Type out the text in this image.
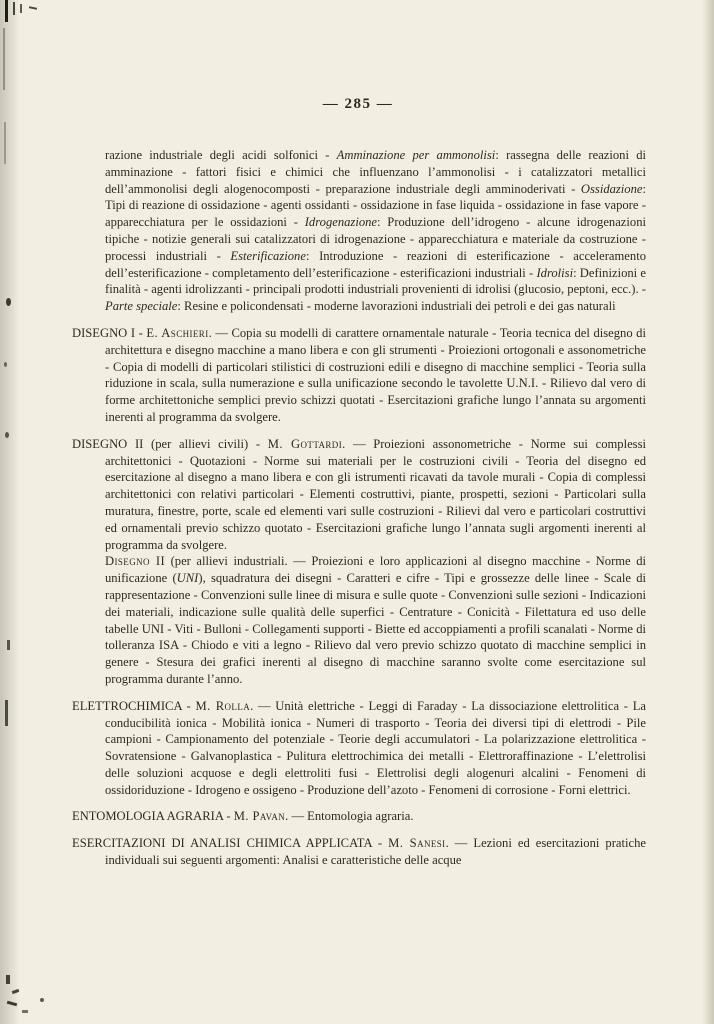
— 285 —

razione industriale degli acidi solfonici - Amminazione per ammonolisi: rassegna delle reazioni di amminazione - fattori fisici e chimici che influenzano l’ammonolisi - i catalizzatori metallici dell’ammonolisi degli alogenocomposti - preparazione industriale degli amminoderivati - Ossidazione: Tipi di reazione di ossidazione - agenti ossidanti - ossidazione in fase liquida - ossidazione in fase vapore - apparecchiatura per le ossidazioni - Idrogenazione: Produzione dell’idrogeno - alcune idrogenazioni tipiche - notizie generali sui catalizzatori di idrogenazione - apparecchiatura e materiale da costruzione - processi industriali - Esterificazione: Introduzione - reazioni di esterificazione - acceleramento dell’esterificazione - completamento dell’esterificazione - esterificazioni industriali - Idrolisi: Definizioni e finalità - agenti idrolizzanti - principali prodotti industriali provenienti di idrolisi (glucosio, peptoni, ecc.). - Parte speciale: Resine e policondensati - moderne lavorazioni industriali dei petroli e dei gas naturali

DISEGNO I - E. Aschieri. — Copia su modelli di carattere ornamentale naturale - Teoria tecnica del disegno di architettura e disegno macchine a mano libera e con gli strumenti - Proiezioni ortogonali e assonometriche - Copia di modelli di particolari stilistici di costruzioni edili e disegno di macchine semplici - Teoria sulla riduzione in scala, sulla numerazione e sulla unificazione secondo le tavolette U.N.I. - Rilievo dal vero di forme architettoniche semplici previo schizzi quotati - Esercitazioni grafiche lungo l’annata su argomenti inerenti al programma da svolgere.

DISEGNO II (per allievi civili) - M. Gottardi. — Proiezioni assonometriche - Norme sui complessi architettonici - Quotazioni - Norme sui materiali per le costruzioni civili - Teoria del disegno ed esercitazione al disegno a mano libera e con gli istrumenti ricavati da tavole murali - Copia di complessi architettonici con relativi particolari - Elementi costruttivi, piante, prospetti, sezioni - Particolari sulla muratura, finestre, porte, scale ed elementi vari sulle costruzioni - Rilievi dal vero e particolari costruttivi ed ornamentali previo schizzo quotato - Esercitazioni grafiche lungo l’annata sugli argomenti inerenti al programma da svolgere.

Disegno II (per allievi industriali. — Proiezioni e loro applicazioni al disegno macchine - Norme di unificazione (UNI), squadratura dei disegni - Caratteri e cifre - Tipi e grossezze delle linee - Scale di rappresentazione - Convenzioni sulle linee di misura e sulle quote - Convenzioni sulle sezioni - Indicazioni dei materiali, indicazione sulle qualità delle superfici - Centrature - Conicità - Filettatura ed uso delle tabelle UNI - Viti - Bulloni - Collegamenti supporti - Biette ed accoppiamenti a profili scanalati - Norme di tolleranza ISA - Chiodo e viti a legno - Rilievo dal vero previo schizzo quotato di macchine semplici in genere - Stesura dei grafici inerenti al disegno di macchine saranno svolte come esercitazione sul programma durante l’anno.

ELETTROCHIMICA - M. Rolla. — Unità elettriche - Leggi di Faraday - La dissociazione elettrolitica - La conducibilità ionica - Mobilità ionica - Numeri di trasporto - Teoria dei diversi tipi di elettrodi - Pile campioni - Campionamento del potenziale - Teorie degli accumulatori - La polarizzazione elettrolitica - Sovratensione - Galvanoplastica - Pulitura elettrochimica dei metalli - Elettroraffinazione - L’elettrolisi delle soluzioni acquose e degli elettroliti fusi - Elettrolisi degli alogenuri alcalini - Fenomeni di ossidoriduzione - Idrogeno e ossigeno - Produzione dell’azoto - Fenomeni di corrosione - Forni elettrici.

ENTOMOLOGIA AGRARIA - M. Pavan. — Entomologia agraria.

ESERCITAZIONI DI ANALISI CHIMICA APPLICATA - M. Sanesi. — Lezioni ed esercitazioni pratiche individuali sui seguenti argomenti: Analisi e caratteristiche delle acque
